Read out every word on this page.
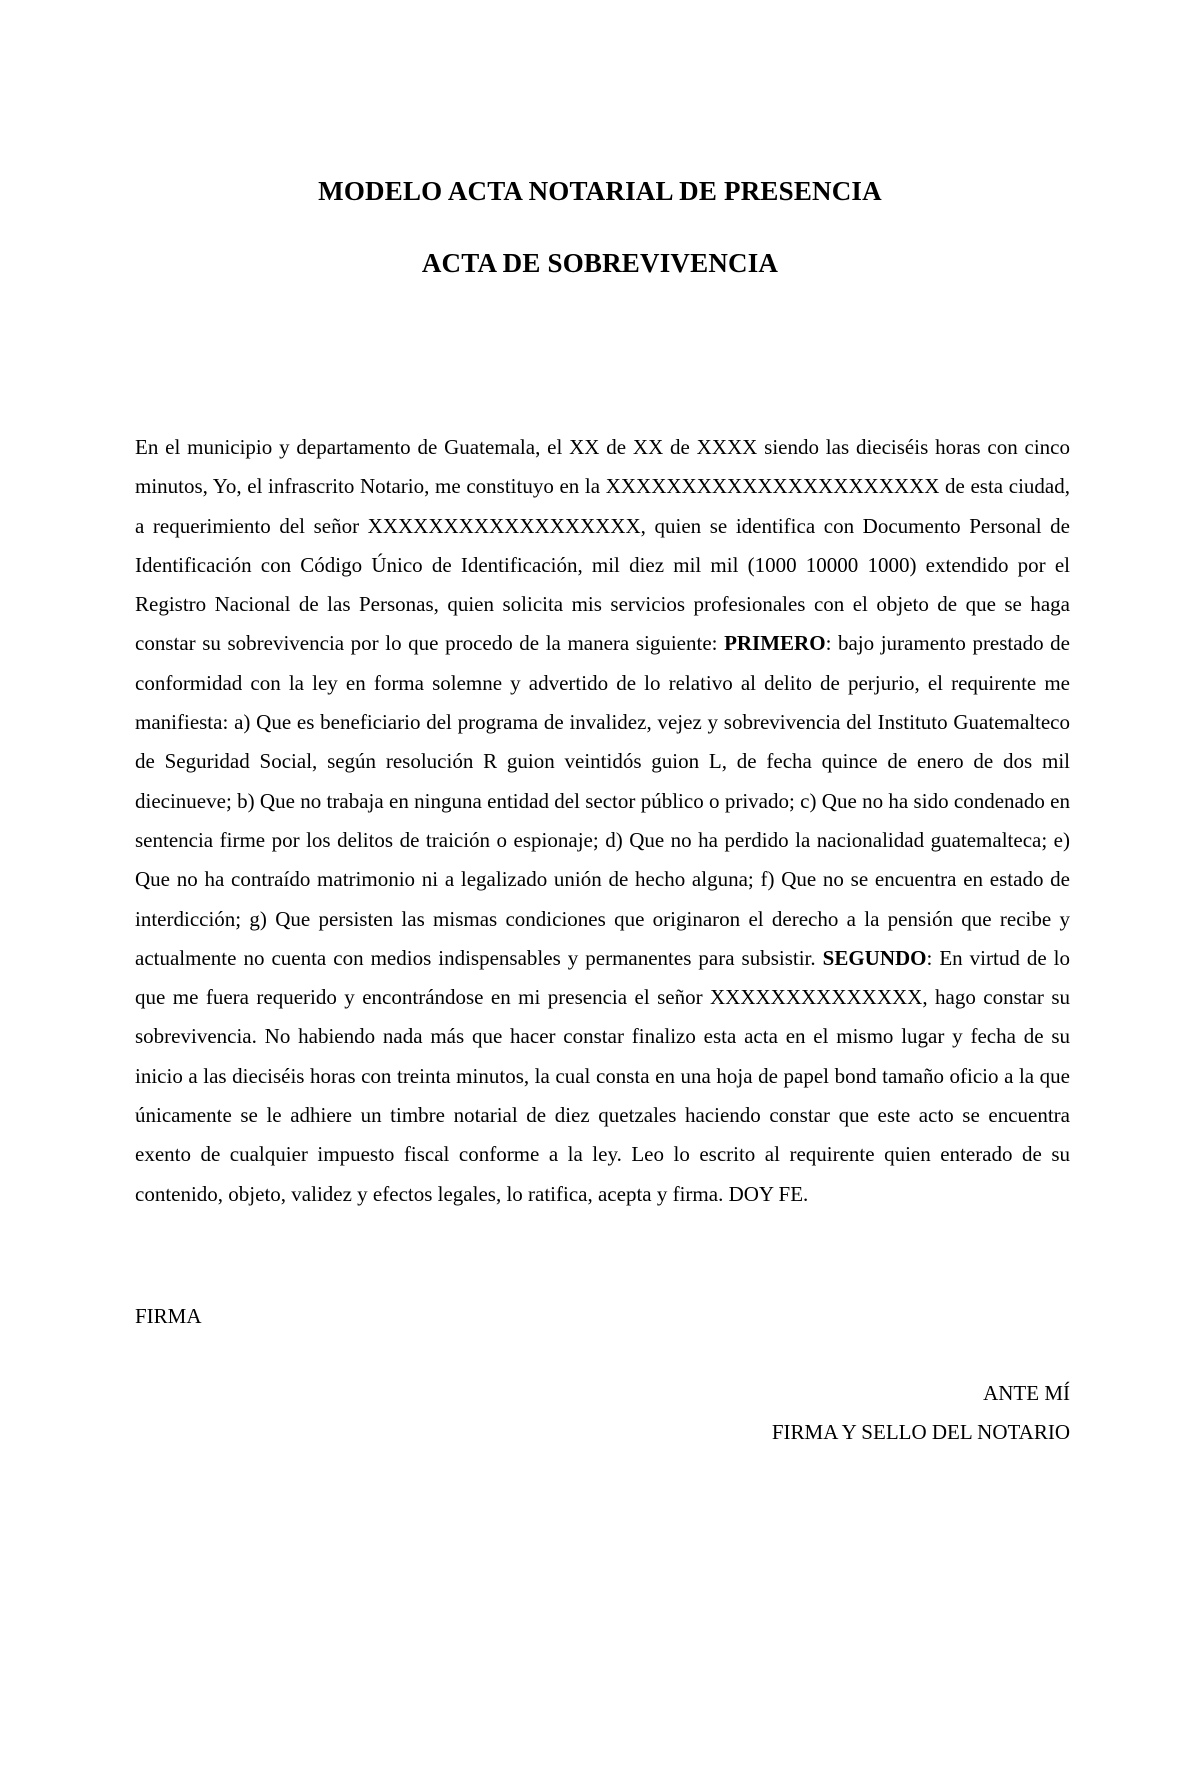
MODELO ACTA NOTARIAL DE PRESENCIA
ACTA DE SOBREVIVENCIA

En el municipio y departamento de Guatemala, el XX de XX de XXXX siendo las dieciséis horas con cinco minutos, Yo, el infrascrito Notario, me constituyo en la XXXXXXXXXXXXXXXXXXXXXX de esta ciudad, a requerimiento del señor XXXXXXXXXXXXXXXXXX, quien se identifica con Documento Personal de Identificación con Código Único de Identificación, mil diez mil mil (1000 10000 1000) extendido por el Registro Nacional de las Personas, quien solicita mis servicios profesionales con el objeto de que se haga constar su sobrevivencia por lo que procedo de la manera siguiente: PRIMERO: bajo juramento prestado de conformidad con la ley en forma solemne y advertido de lo relativo al delito de perjurio, el requirente me manifiesta: a) Que es beneficiario del programa de invalidez, vejez y sobrevivencia del Instituto Guatemalteco de Seguridad Social, según resolución R guion veintidós guion L, de fecha quince de enero de dos mil diecinueve; b) Que no trabaja en ninguna entidad del sector público o privado; c) Que no ha sido condenado en sentencia firme por los delitos de traición o espionaje; d) Que no ha perdido la nacionalidad guatemalteca; e) Que no ha contraído matrimonio ni a legalizado unión de hecho alguna; f) Que no se encuentra en estado de interdicción; g) Que persisten las mismas condiciones que originaron el derecho a la pensión que recibe y actualmente no cuenta con medios indispensables y permanentes para subsistir. SEGUNDO: En virtud de lo que me fuera requerido y encontrándose en mi presencia el señor XXXXXXXXXXXXXX, hago constar su sobrevivencia. No habiendo nada más que hacer constar finalizo esta acta en el mismo lugar y fecha de su inicio a las dieciséis horas con treinta minutos, la cual consta en una hoja de papel bond tamaño oficio a la que únicamente se le adhiere un timbre notarial de diez quetzales haciendo constar que este acto se encuentra exento de cualquier impuesto fiscal conforme a la ley. Leo lo escrito al requirente quien enterado de su contenido, objeto, validez y efectos legales, lo ratifica, acepta y firma. DOY FE.

FIRMA

ANTE MÍ

FIRMA Y SELLO DEL NOTARIO
